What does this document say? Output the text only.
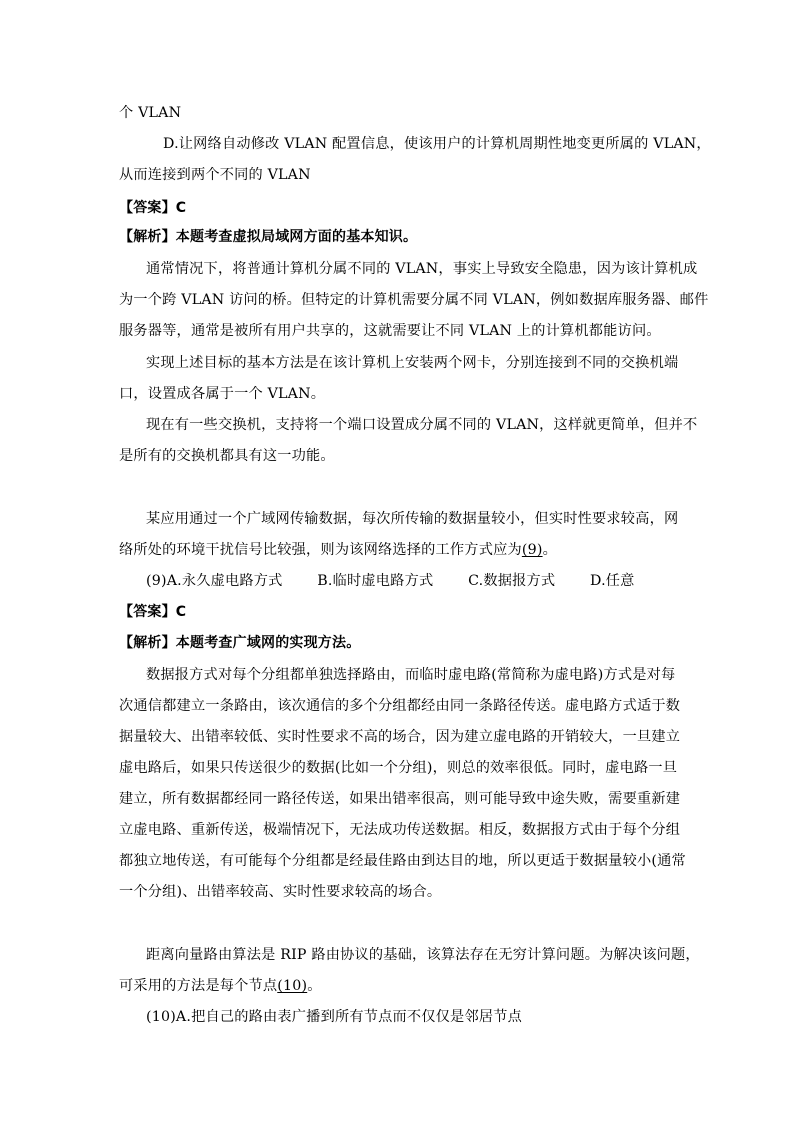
个 VLAN
D.让网络自动修改 VLAN 配置信息，使该用户的计算机周期性地变更所属的 VLAN，
从而连接到两个不同的 VLAN
【答案】C
【解析】本题考查虚拟局域网方面的基本知识。
通常情况下，将普通计算机分属不同的 VLAN，事实上导致安全隐患，因为该计算机成
为一个跨 VLAN 访问的桥。但特定的计算机需要分属不同 VLAN，例如数据库服务器、邮件
服务器等，通常是被所有用户共享的，这就需要让不同 VLAN 上的计算机都能访问。
实现上述目标的基本方法是在该计算机上安装两个网卡，分别连接到不同的交换机端
口，设置成各属于一个 VLAN。
现在有一些交换机，支持将一个端口设置成分属不同的 VLAN，这样就更简单，但并不
是所有的交换机都具有这一功能。
某应用通过一个广域网传输数据，每次所传输的数据量较小，但实时性要求较高，网
络所处的环境干扰信号比较强，则为该网络选择的工作方式应为(9)。
(9)A.永久虚电路方式 B.临时虚电路方式 C.数据报方式 D.任意
【答案】C
【解析】本题考查广域网的实现方法。
数据报方式对每个分组都单独选择路由，而临时虚电路(常简称为虚电路)方式是对每
次通信都建立一条路由，该次通信的多个分组都经由同一条路径传送。虚电路方式适于数
据量较大、出错率较低、实时性要求不高的场合，因为建立虚电路的开销较大，一旦建立
虚电路后，如果只传送很少的数据(比如一个分组)，则总的效率很低。同时，虚电路一旦
建立，所有数据都经同一路径传送，如果出错率很高，则可能导致中途失败，需要重新建
立虚电路、重新传送，极端情况下，无法成功传送数据。相反，数据报方式由于每个分组
都独立地传送，有可能每个分组都是经最佳路由到达目的地，所以更适于数据量较小(通常
一个分组)、出错率较高、实时性要求较高的场合。
距离向量路由算法是 RIP 路由协议的基础，该算法存在无穷计算问题。为解决该问题，
可采用的方法是每个节点(10)。
(10)A.把自己的路由表广播到所有节点而不仅仅是邻居节点
